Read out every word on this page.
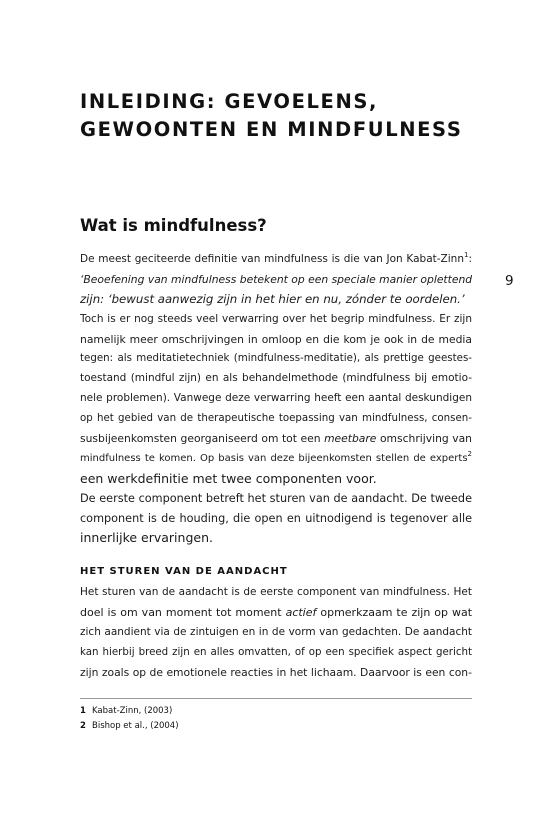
INLEIDING: GEVOELENS,
GEWOONTEN EN MINDFULNESS
Wat is mindfulness?
9
De meest geciteerde definitie van mindfulness is die van Jon Kabat-Zinn$^1$:
‘Beoefening van mindfulness betekent op een speciale manier oplettend
zijn: ‘bewust aanwezig zijn in het hier en nu, zónder te oordelen.’
Toch is er nog steeds veel verwarring over het begrip mindfulness. Er zijn
namelijk meer omschrijvingen in omloop en die kom je ook in de media
tegen: als meditatietechniek (mindfulness-meditatie), als prettige geestes-
toestand (mindful zijn) en als behandelmethode (mindfulness bij emotio-
nele problemen). Vanwege deze verwarring heeft een aantal deskundigen
op het gebied van de therapeutische toepassing van mindfulness, consen-
susbijeenkomsten georganiseerd om tot een meetbare omschrijving van
mindfulness te komen. Op basis van deze bijeenkomsten stellen de experts$^2$
een werkdefinitie met twee componenten voor.
De eerste component betreft het sturen van de aandacht. De tweede
component is de houding, die open en uitnodigend is tegenover alle
innerlijke ervaringen.
HET STUREN VAN DE AANDACHT
Het sturen van de aandacht is de eerste component van mindfulness. Het
doel is om van moment tot moment actief opmerkzaam te zijn op wat
zich aandient via de zintuigen en in de vorm van gedachten. De aandacht
kan hierbij breed zijn en alles omvatten, of op een specifiek aspect gericht
zijn zoals op de emotionele reacties in het lichaam. Daarvoor is een con-
1 Kabat-Zinn, (2003)
2 Bishop et al., (2004)
